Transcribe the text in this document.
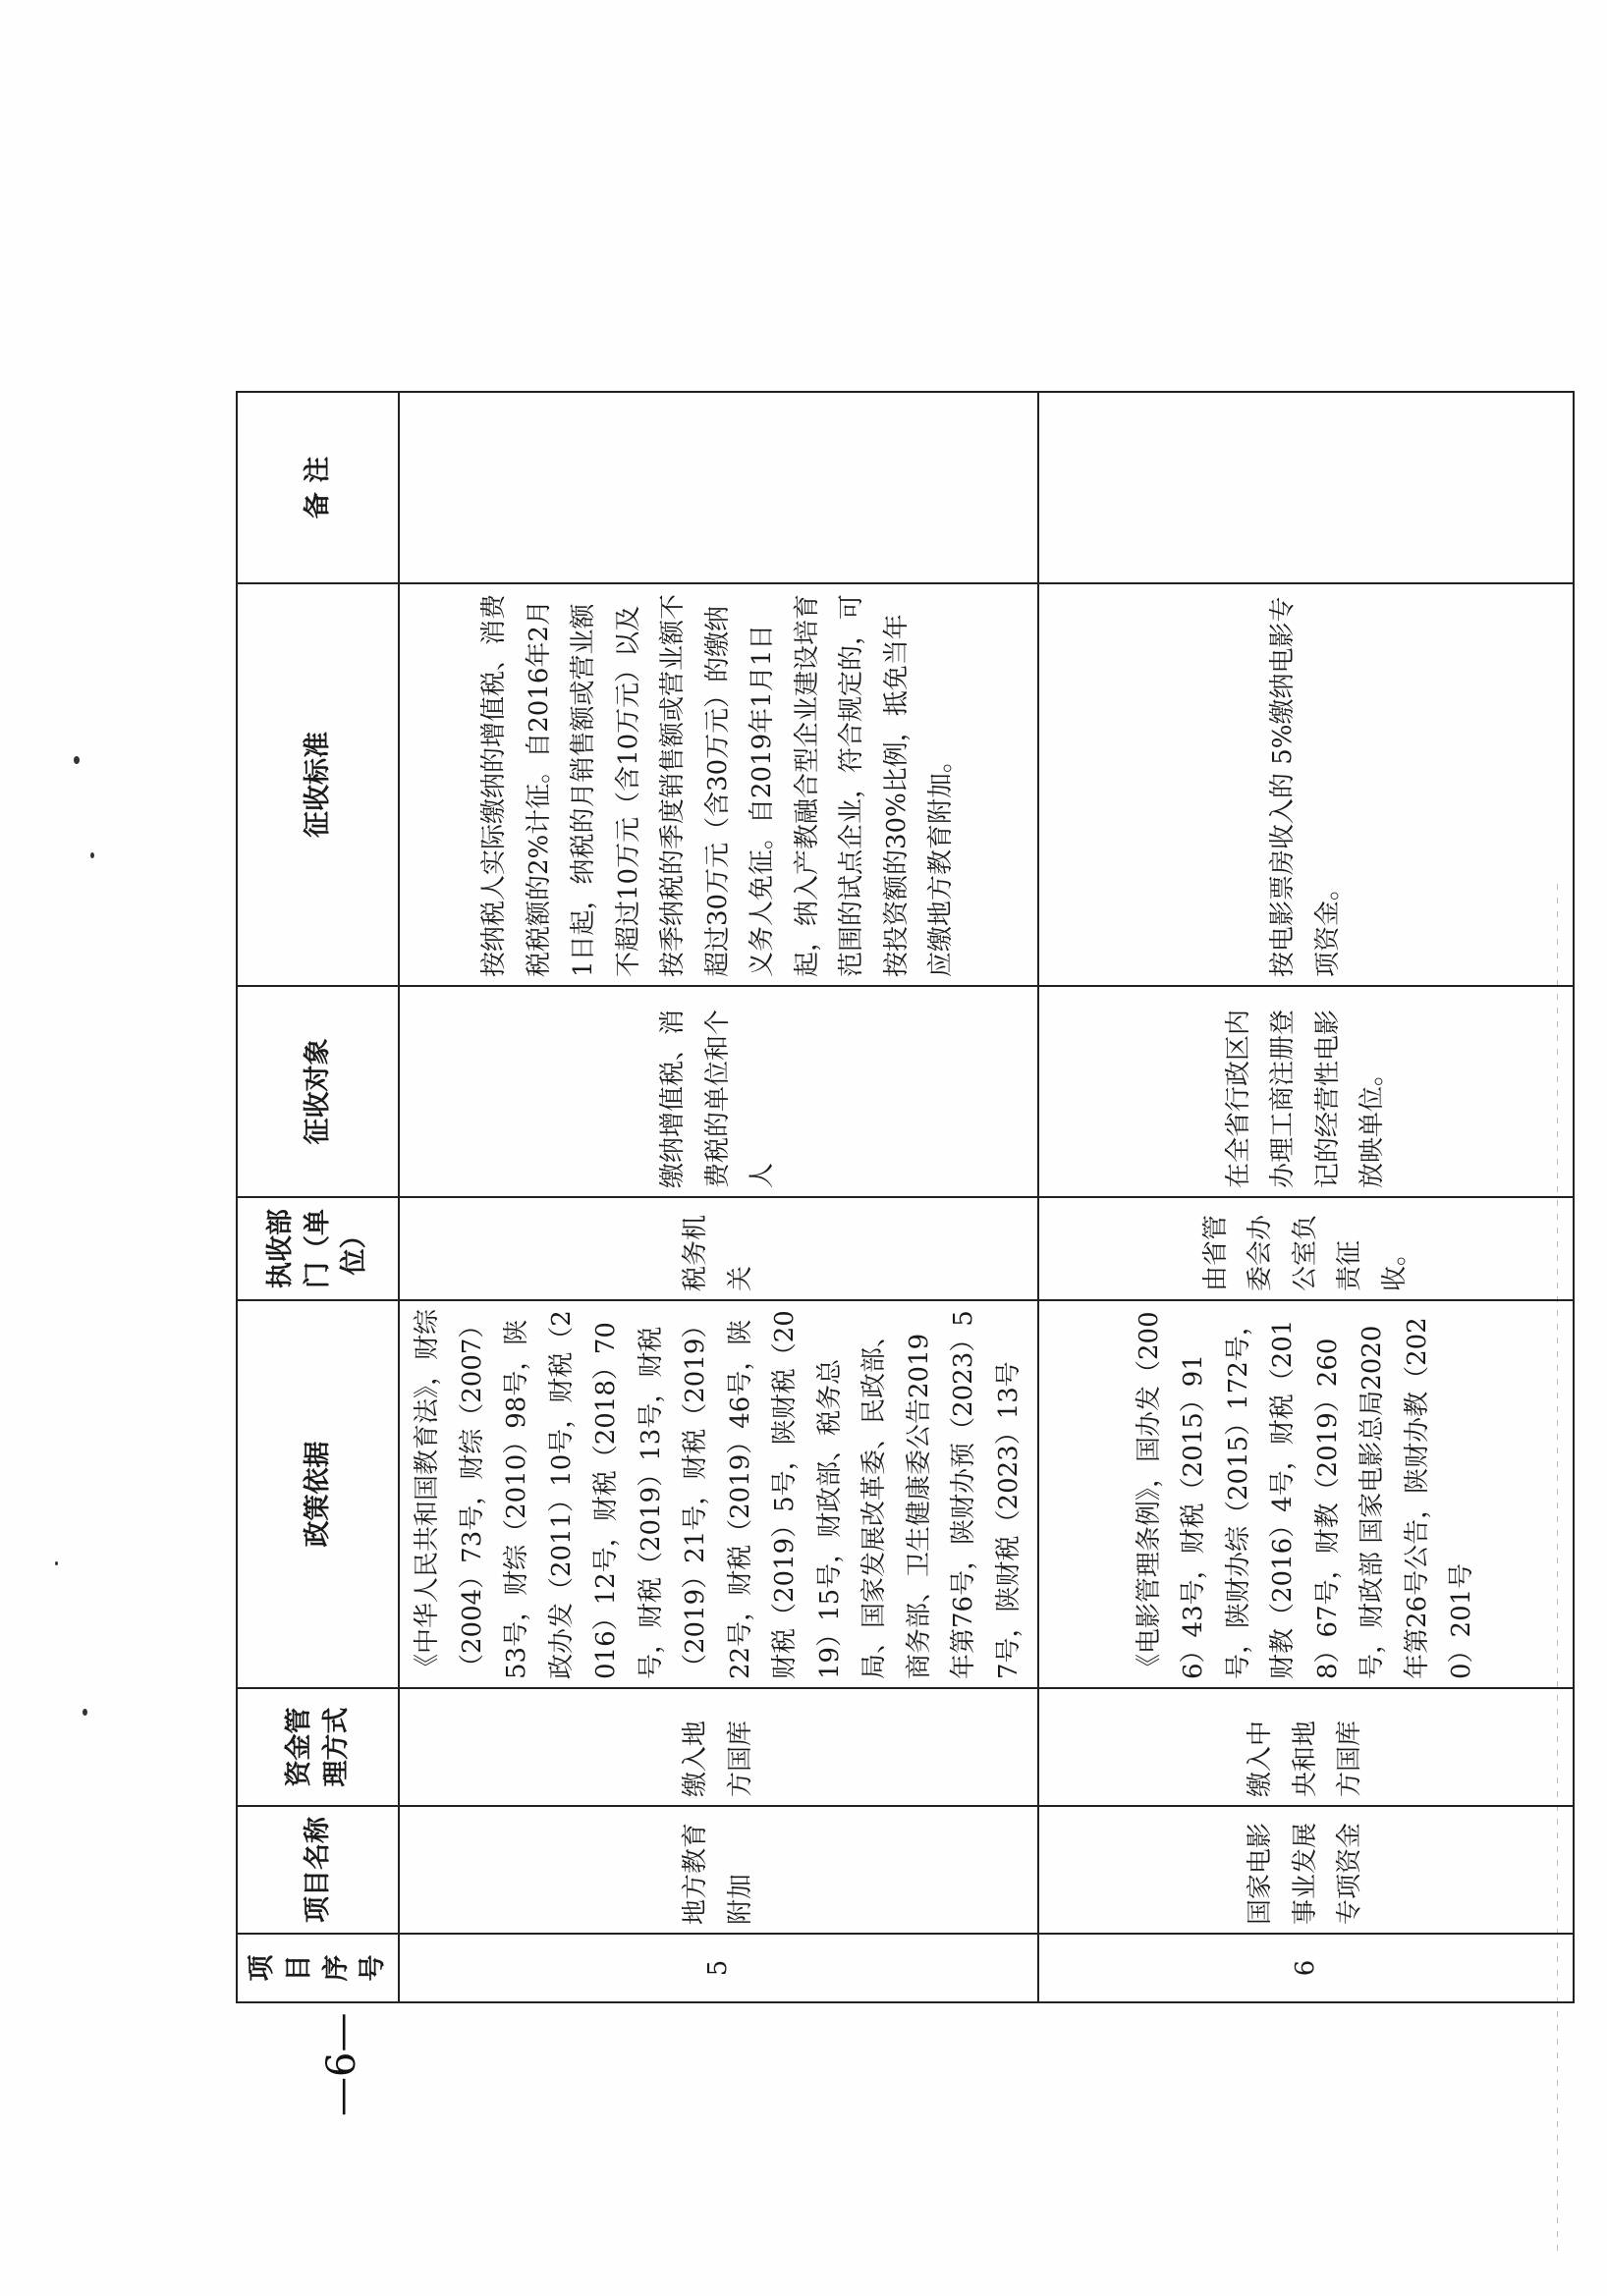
项目序号	项目名称	资金管理方式	政策依据	执收部门（单位）	征收对象	征收标准	备 注
5	地方教育附加	缴入地方国库	《中华人民共和国教育法》，财综（2004）73号，财综（2007）53号，财综（2010）98号，陕政办发（2011）10号，财税（2016）12号，财税（2018）70号，财税（2019）13号，财税（2019）21号，财税（2019）22号，财税（2019）46号，陕财税（2019）5号，陕财税（2019）15号，财政部、税务总局、国家发展改革委、民政部、商务部、卫生健康委公告2019年第76号，陕财办预（2023）57号，陕财税（2023）13号	税务机关	缴纳增值税、消费税的单位和个人	按纳税人实际缴纳的增值税、消费税税额的2%计征。自2016年2月1日起，纳税的月销售额或营业额不超过10万元（含10万元）以及按季纳税的季度销售额或营业额不超过30万元（含30万元）的缴纳义务人免征。自2019年1月1日起，纳入产教融合型企业建设培育范围的试点企业，符合规定的，可按投资额的30%比例，抵免当年应缴地方教育附加。	
6	国家电影事业发展专项资金	缴入中央和地方国库	《电影管理条例》，国办发（2006）43号，财税（2015）91号，陕财办综（2015）172号，财教（2016）4号，财税（2018）67号，财教（2019）260号，财政部 国家电影总局2020年第26号公告，陕财办教（2020）201号	由省管委会办公室负责征收。	在全省行政区内办理工商注册登记的经营性电影放映单位。	按电影票房收入的 5%缴纳电影专项资金。	
—6—
